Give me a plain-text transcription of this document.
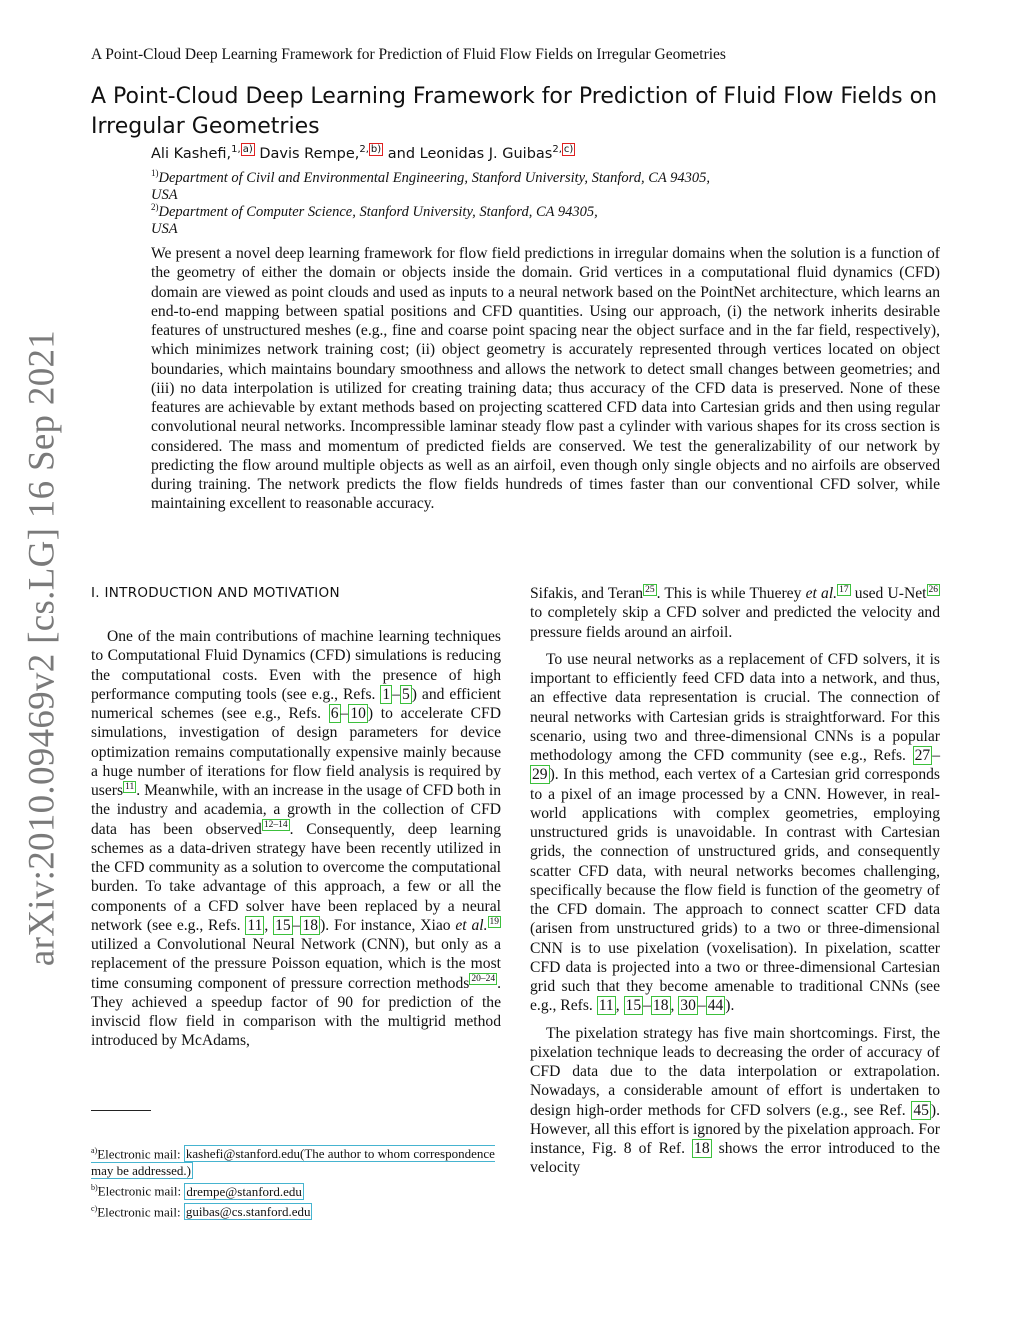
A Point-Cloud Deep Learning Framework for Prediction of Fluid Flow Fields on Irregular Geometries
A Point-Cloud Deep Learning Framework for Prediction of Fluid Flow Fields on Irregular Geometries
Ali Kashefi,$^{1,}$ $^{a)}$ Davis Rempe,$^{2,}$ $^{b)}$ and Leonidas J. Guibas$^{2,}$ $^{c)}$
$^{1)}$Department of Civil and Environmental Engineering, Stanford University, Stanford, CA 94305,
USA
$^{2)}$Department of Computer Science, Stanford University, Stanford, CA 94305,
USA
We present a novel deep learning framework for flow field predictions in irregular domains when the solution is a function of the geometry of either the domain or objects inside the domain. Grid vertices in a computational fluid dynamics (CFD) domain are viewed as point clouds and used as inputs to a neural network based on the PointNet architecture, which learns an end-to-end mapping between spatial positions and CFD quantities. Using our approach, (i) the network inherits desirable features of unstructured meshes (e.g., fine and coarse point spacing near the object surface and in the far field, respectively), which minimizes network training cost; (ii) object geometry is accurately represented through vertices located on object boundaries, which maintains boundary smoothness and allows the network to detect small changes between geometries; and (iii) no data interpolation is utilized for creating training data; thus accuracy of the CFD data is preserved. None of these features are achievable by extant methods based on projecting scattered CFD data into Cartesian grids and then using regular convolutional neural networks. Incompressible laminar steady flow past a cylinder with various shapes for its cross section is considered. The mass and momentum of predicted fields are conserved. We test the generalizability of our network by predicting the flow around multiple objects as well as an airfoil, even though only single objects and no airfoils are observed during training. The network predicts the flow fields hundreds of times faster than our conventional CFD solver, while maintaining excellent to reasonable accuracy.
I. INTRODUCTION AND MOTIVATION

One of the main contributions of machine learning techniques to Computational Fluid Dynamics (CFD) simulations is reducing the computational costs. Even with the presence of high performance computing tools (see e.g., Refs. 1 – 5 ) and efficient numerical schemes (see e.g., Refs. 6 – 10 ) to accelerate CFD simulations, investigation of design parameters for device optimization remains computationally expensive mainly because a huge number of iterations for flow field analysis is required by users $^{11}$ . Meanwhile, with an increase in the usage of CFD both in the industry and academia, a growth in the collection of CFD data has been observed $^{12-14}$ . Consequently, deep learning schemes as a data-driven strategy have been recently utilized in the CFD community as a solution to overcome the computational burden. To take advantage of this approach, a few or all the components of a CFD solver have been replaced by a neural network (see e.g., Refs. 11 , 15 – 18 ). For instance, Xiao et al. $^{19}$ utilized a Convolutional Neural Network (CNN), but only as a replacement of the pressure Poisson equation, which is the most time consuming component of pressure correction methods $^{20-24}$ . They achieved a speedup factor of 90 for prediction of the inviscid flow field in comparison with the multigrid method introduced by McAdams,

Sifakis, and Teran $^{25}$ . This is while Thuerey et al. $^{17}$ used U-Net $^{26}$ to completely skip a CFD solver and predicted the velocity and pressure fields around an airfoil.

To use neural networks as a replacement of CFD solvers, it is important to efficiently feed CFD data into a network, and thus, an effective data representation is crucial. The connection of neural networks with Cartesian grids is straightforward. For this scenario, using two and three-dimensional CNNs is a popular methodology among the CFD community (see e.g., Refs. 27 –29 ). In this method, each vertex of a Cartesian grid corresponds to a pixel of an image processed by a CNN. However, in real-world applications with complex geometries, employing unstructured grids is unavoidable. In contrast with Cartesian grids, the connection of unstructured grids, and consequently scatter CFD data, with neural networks becomes challenging, specifically because the flow field is function of the geometry of the CFD domain. The approach to connect scatter CFD data (arisen from unstructured grids) to a two or three-dimensional CNN is to use pixelation (voxelisation). In pixelation, scatter CFD data is projected into a two or three-dimensional Cartesian grid such that they become amenable to traditional CNNs (see e.g., Refs. 11 , 15 – 18 , 30 – 44 ).

The pixelation strategy has five main shortcomings. First, the pixelation technique leads to decreasing the order of accuracy of CFD data due to the data interpolation or extrapolation. Nowadays, a considerable amount of effort is undertaken to design high-order methods for CFD solvers (e.g., see Ref. 45 ). However, all this effort is ignored by the pixelation approach. For instance, Fig. 8 of Ref. 18 shows the error introduced to the velocity

$^{a)}$Electronic mail: kashefi@stanford.edu(The author to whom correspondence may be addressed.)
$^{b)}$Electronic mail: drempe@stanford.edu
$^{c)}$Electronic mail: guibas@cs.stanford.edu
arXiv:2010.09469v2 [cs.LG] 16 Sep 2021
